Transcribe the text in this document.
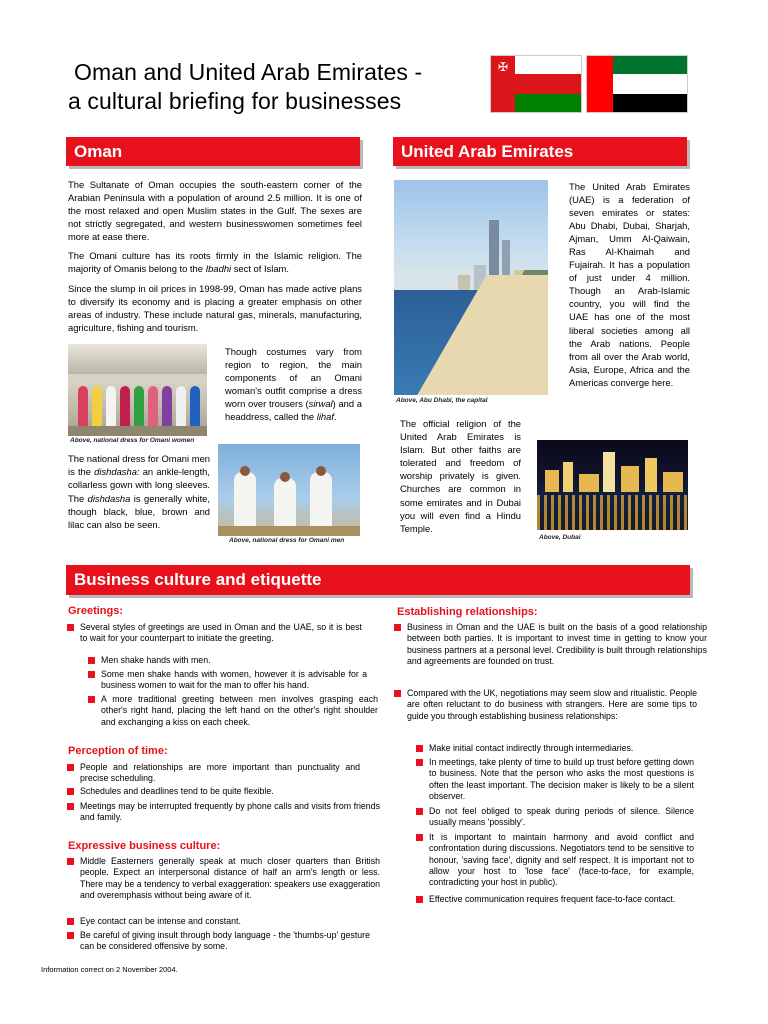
Oman and United Arab Emirates -
a cultural briefing for businesses
✠
Oman

The Sultanate of Oman occupies the south-eastern corner of the Arabian Peninsula with a population of around 2.5 million. It is one of the most relaxed and open Muslim states in the Gulf. The sexes are not strictly segregated, and western businesswomen sometimes feel more at ease there.

The Omani culture has its roots firmly in the Islamic religion. The majority of Omanis belong to the Ibadhi sect of Islam.

Since the slump in oil prices in 1998-99, Oman has made active plans to diversify its economy and is placing a greater emphasis on other areas of industry. These include natural gas, minerals, manufacturing, agriculture, fishing and tourism.

Above, national dress for Omani women

Though costumes vary from region to region, the main components of an Omani woman's outfit comprise a dress worn over trousers (sirwal) and a headdress, called the lihaf.

The national dress for Omani men is the dishdasha: an ankle-length, collarless gown with long sleeves. The dishdasha is generally white, though black, blue, brown and lilac can also be seen.

Above, national dress for Omani men
United Arab Emirates
Above, Abu Dhabi, the capital

The United Arab Emirates (UAE) is a federation of seven emirates or states: Abu Dhabi, Dubai, Sharjah, Ajman, Umm Al-Qaiwain, Ras Al-Khaimah and Fujairah. It has a population of just under 4 million. Though an Arab-Islamic country, you will find the UAE has one of the most liberal societies among all the Arab nations. People from all over the Arab world, Asia, Europe, Africa and the Americas converge here.

The official religion of the United Arab Emirates is Islam. But other faiths are tolerated and freedom of worship privately is given. Churches are common in some emirates and in Dubai you will even find a Hindu Temple.

Above, Dubai
Business culture and etiquette
Greetings:

Several styles of greetings are used in Oman and the UAE, so it is best to wait for your counterpart to initiate the greeting.

Men shake hands with men.

Some men shake hands with women, however it is advisable for a business women to wait for the man to offer his hand.

A more traditional greeting between men involves grasping each other's right hand, placing the left hand on the other's right shoulder and exchanging a kiss on each cheek.

Perception of time:

People and relationships are more important than punctuality and precise scheduling.

Schedules and deadlines tend to be quite flexible.

Meetings may be interrupted frequently by phone calls and visits from friends and family.

Expressive business culture:

Middle Easterners generally speak at much closer quarters than British people. Expect an interpersonal distance of half an arm's length or less. There may be a tendency to verbal exaggeration: speakers use exaggeration and overemphasis without being aware of it.

Eye contact can be intense and constant.

Be careful of giving insult through body language - the 'thumbs-up' gesture can be considered offensive by some.

Establishing relationships:

Business in Oman and the UAE is built on the basis of a good relationship between both parties. It is important to invest time in getting to know your business partners at a personal level. Credibility is built through relationships and agreements are founded on trust.

Compared with the UK, negotiations may seem slow and ritualistic. People are often reluctant to do business with strangers. Here are some tips to guide you through establishing business relationships:

Make initial contact indirectly through intermediaries.

In meetings, take plenty of time to build up trust before getting down to business. Note that the person who asks the most questions is often the least important. The decision maker is likely to be a silent observer.

Do not feel obliged to speak during periods of silence. Silence usually means 'possibly'.

It is important to maintain harmony and avoid conflict and confrontation during discussions. Negotiators tend to be sensitive to honour, 'saving face', dignity and self respect. It is important not to allow your host to 'lose face' (face-to-face, for example, contradicting your host in public).

Effective communication requires frequent face-to-face contact.

Information correct on 2 November 2004.
